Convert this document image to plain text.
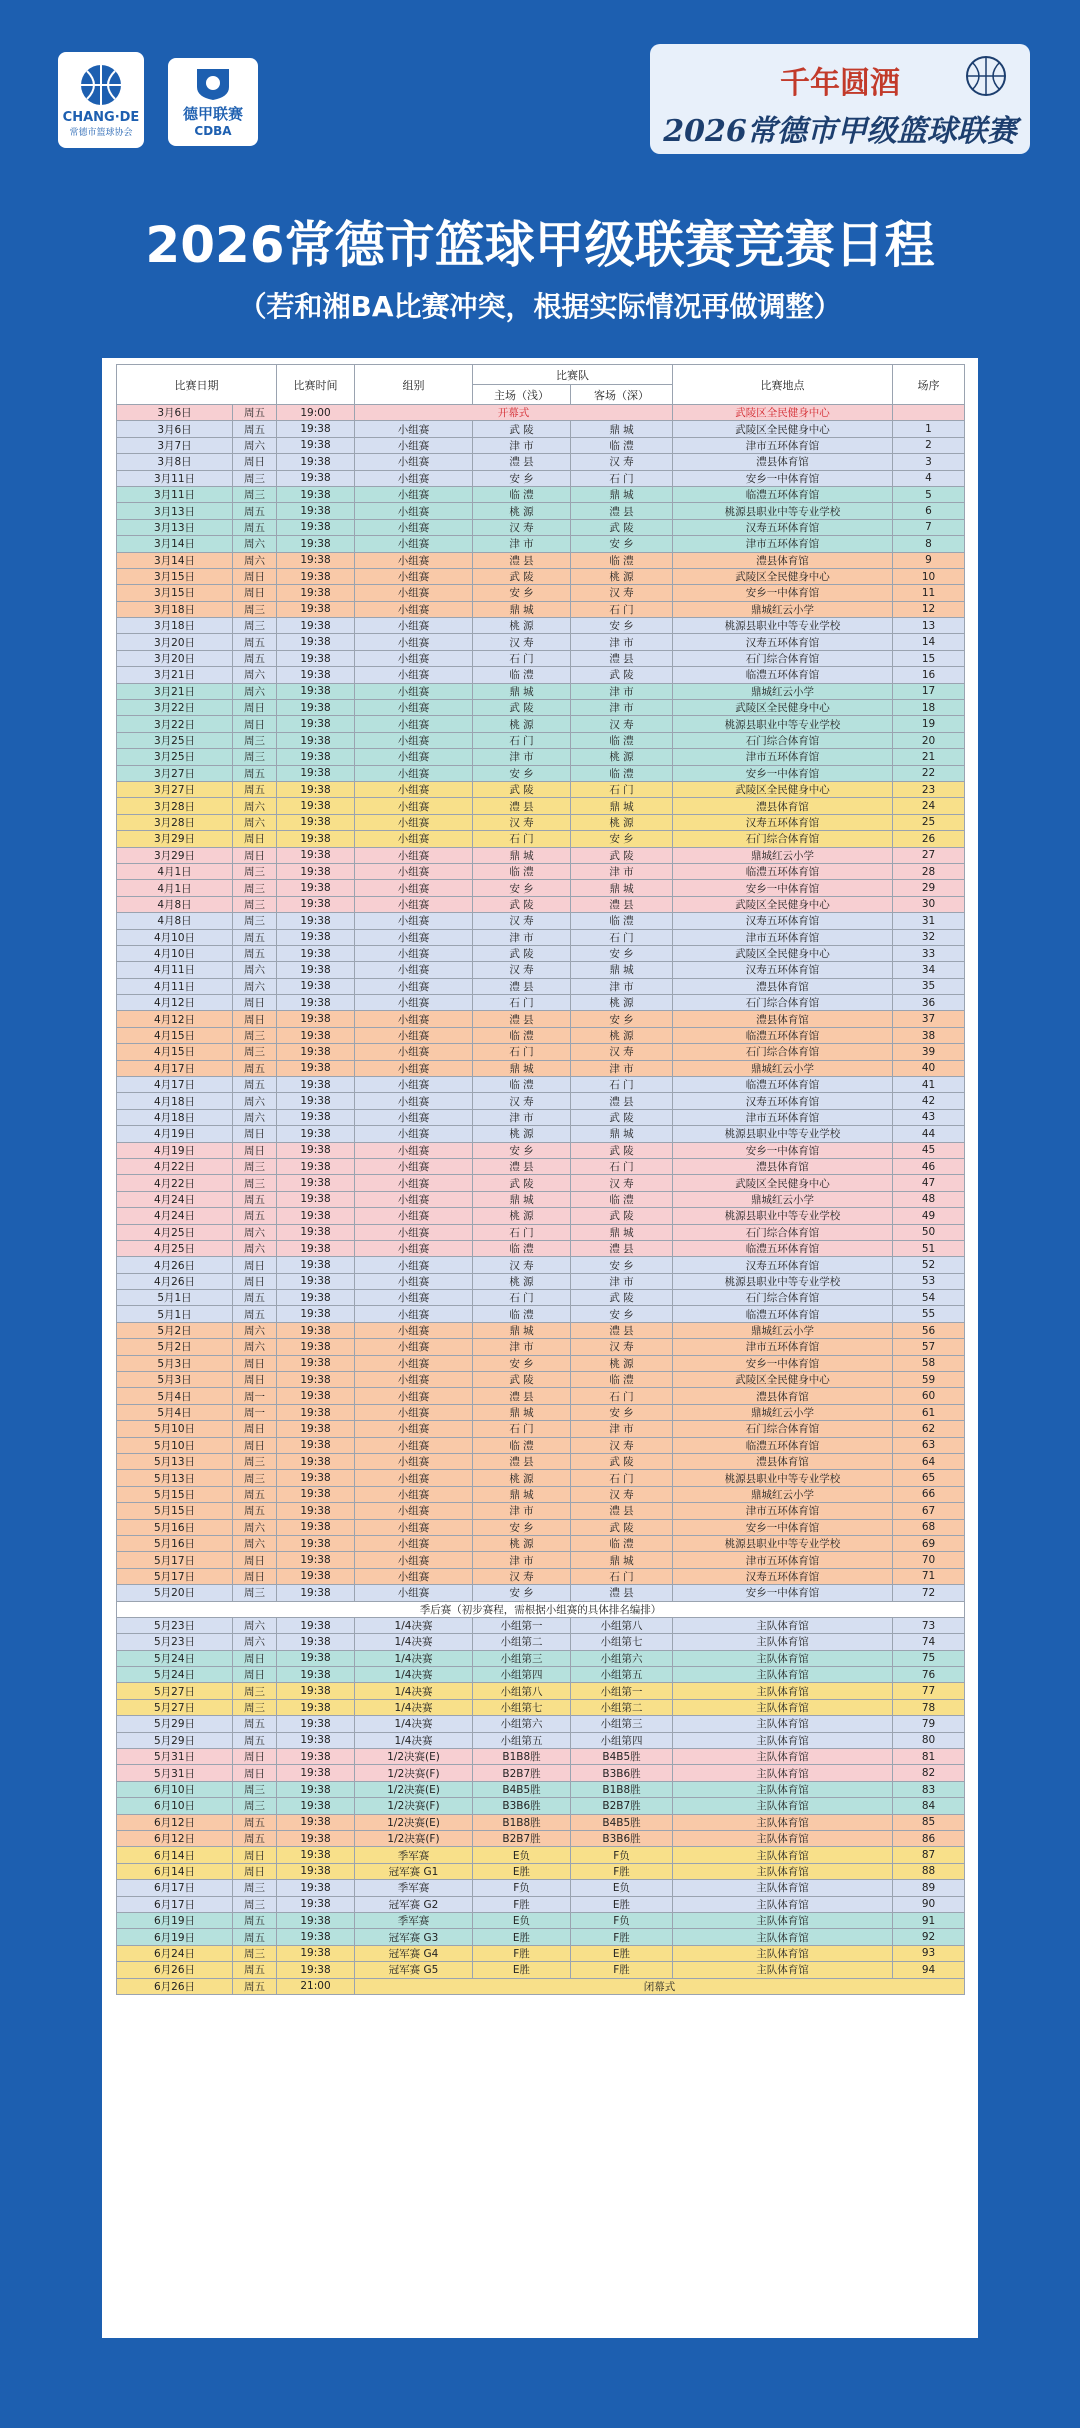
CHANG·DE
常德市篮球协会
德甲联赛
CDBA
千年圆酒
2026常德市甲级篮球联赛
2026常德市篮球甲级联赛竞赛日程
（若和湘BA比赛冲突，根据实际情况再做调整）
比赛日期		比赛时间	组别	比赛队		比赛地点	场序
				主场（浅）	客场（深）		
3月6日	周五	19:00	开幕式			武陵区全民健身中心	
3月6日	周五	19:38	小组赛	武 陵	鼎 城	武陵区全民健身中心	1
3月7日	周六	19:38	小组赛	津 市	临 澧	津市五环体育馆	2
3月8日	周日	19:38	小组赛	澧 县	汉 寿	澧县体育馆	3
3月11日	周三	19:38	小组赛	安 乡	石 门	安乡一中体育馆	4
3月11日	周三	19:38	小组赛	临 澧	鼎 城	临澧五环体育馆	5
3月13日	周五	19:38	小组赛	桃 源	澧 县	桃源县职业中等专业学校	6
3月13日	周五	19:38	小组赛	汉 寿	武 陵	汉寿五环体育馆	7
3月14日	周六	19:38	小组赛	津 市	安 乡	津市五环体育馆	8
3月14日	周六	19:38	小组赛	澧 县	临 澧	澧县体育馆	9
3月15日	周日	19:38	小组赛	武 陵	桃 源	武陵区全民健身中心	10
3月15日	周日	19:38	小组赛	安 乡	汉 寿	安乡一中体育馆	11
3月18日	周三	19:38	小组赛	鼎 城	石 门	鼎城红云小学	12
3月18日	周三	19:38	小组赛	桃 源	安 乡	桃源县职业中等专业学校	13
3月20日	周五	19:38	小组赛	汉 寿	津 市	汉寿五环体育馆	14
3月20日	周五	19:38	小组赛	石 门	澧 县	石门综合体育馆	15
3月21日	周六	19:38	小组赛	临 澧	武 陵	临澧五环体育馆	16
3月21日	周六	19:38	小组赛	鼎 城	津 市	鼎城红云小学	17
3月22日	周日	19:38	小组赛	武 陵	津 市	武陵区全民健身中心	18
3月22日	周日	19:38	小组赛	桃 源	汉 寿	桃源县职业中等专业学校	19
3月25日	周三	19:38	小组赛	石 门	临 澧	石门综合体育馆	20
3月25日	周三	19:38	小组赛	津 市	桃 源	津市五环体育馆	21
3月27日	周五	19:38	小组赛	安 乡	临 澧	安乡一中体育馆	22
3月27日	周五	19:38	小组赛	武 陵	石 门	武陵区全民健身中心	23
3月28日	周六	19:38	小组赛	澧 县	鼎 城	澧县体育馆	24
3月28日	周六	19:38	小组赛	汉 寿	桃 源	汉寿五环体育馆	25
3月29日	周日	19:38	小组赛	石 门	安 乡	石门综合体育馆	26
3月29日	周日	19:38	小组赛	鼎 城	武 陵	鼎城红云小学	27
4月1日	周三	19:38	小组赛	临 澧	津 市	临澧五环体育馆	28
4月1日	周三	19:38	小组赛	安 乡	鼎 城	安乡一中体育馆	29
4月8日	周三	19:38	小组赛	武 陵	澧 县	武陵区全民健身中心	30
4月8日	周三	19:38	小组赛	汉 寿	临 澧	汉寿五环体育馆	31
4月10日	周五	19:38	小组赛	津 市	石 门	津市五环体育馆	32
4月10日	周五	19:38	小组赛	武 陵	安 乡	武陵区全民健身中心	33
4月11日	周六	19:38	小组赛	汉 寿	鼎 城	汉寿五环体育馆	34
4月11日	周六	19:38	小组赛	澧 县	津 市	澧县体育馆	35
4月12日	周日	19:38	小组赛	石 门	桃 源	石门综合体育馆	36
4月12日	周日	19:38	小组赛	澧 县	安 乡	澧县体育馆	37
4月15日	周三	19:38	小组赛	临 澧	桃 源	临澧五环体育馆	38
4月15日	周三	19:38	小组赛	石 门	汉 寿	石门综合体育馆	39
4月17日	周五	19:38	小组赛	鼎 城	津 市	鼎城红云小学	40
4月17日	周五	19:38	小组赛	临 澧	石 门	临澧五环体育馆	41
4月18日	周六	19:38	小组赛	汉 寿	澧 县	汉寿五环体育馆	42
4月18日	周六	19:38	小组赛	津 市	武 陵	津市五环体育馆	43
4月19日	周日	19:38	小组赛	桃 源	鼎 城	桃源县职业中等专业学校	44
4月19日	周日	19:38	小组赛	安 乡	武 陵	安乡一中体育馆	45
4月22日	周三	19:38	小组赛	澧 县	石 门	澧县体育馆	46
4月22日	周三	19:38	小组赛	武 陵	汉 寿	武陵区全民健身中心	47
4月24日	周五	19:38	小组赛	鼎 城	临 澧	鼎城红云小学	48
4月24日	周五	19:38	小组赛	桃 源	武 陵	桃源县职业中等专业学校	49
4月25日	周六	19:38	小组赛	石 门	鼎 城	石门综合体育馆	50
4月25日	周六	19:38	小组赛	临 澧	澧 县	临澧五环体育馆	51
4月26日	周日	19:38	小组赛	汉 寿	安 乡	汉寿五环体育馆	52
4月26日	周日	19:38	小组赛	桃 源	津 市	桃源县职业中等专业学校	53
5月1日	周五	19:38	小组赛	石 门	武 陵	石门综合体育馆	54
5月1日	周五	19:38	小组赛	临 澧	安 乡	临澧五环体育馆	55
5月2日	周六	19:38	小组赛	鼎 城	澧 县	鼎城红云小学	56
5月2日	周六	19:38	小组赛	津 市	汉 寿	津市五环体育馆	57
5月3日	周日	19:38	小组赛	安 乡	桃 源	安乡一中体育馆	58
5月3日	周日	19:38	小组赛	武 陵	临 澧	武陵区全民健身中心	59
5月4日	周一	19:38	小组赛	澧 县	石 门	澧县体育馆	60
5月4日	周一	19:38	小组赛	鼎 城	安 乡	鼎城红云小学	61
5月10日	周日	19:38	小组赛	石 门	津 市	石门综合体育馆	62
5月10日	周日	19:38	小组赛	临 澧	汉 寿	临澧五环体育馆	63
5月13日	周三	19:38	小组赛	澧 县	武 陵	澧县体育馆	64
5月13日	周三	19:38	小组赛	桃 源	石 门	桃源县职业中等专业学校	65
5月15日	周五	19:38	小组赛	鼎 城	汉 寿	鼎城红云小学	66
5月15日	周五	19:38	小组赛	津 市	澧 县	津市五环体育馆	67
5月16日	周六	19:38	小组赛	安 乡	武 陵	安乡一中体育馆	68
5月16日	周六	19:38	小组赛	桃 源	临 澧	桃源县职业中等专业学校	69
5月17日	周日	19:38	小组赛	津 市	鼎 城	津市五环体育馆	70
5月17日	周日	19:38	小组赛	汉 寿	石 门	汉寿五环体育馆	71
5月20日	周三	19:38	小组赛	安 乡	澧 县	安乡一中体育馆	72
季后赛（初步赛程，需根据小组赛的具体排名编排）							
5月23日	周六	19:38	1/4决赛	小组第一	小组第八	主队体育馆	73
5月23日	周六	19:38	1/4决赛	小组第二	小组第七	主队体育馆	74
5月24日	周日	19:38	1/4决赛	小组第三	小组第六	主队体育馆	75
5月24日	周日	19:38	1/4决赛	小组第四	小组第五	主队体育馆	76
5月27日	周三	19:38	1/4决赛	小组第八	小组第一	主队体育馆	77
5月27日	周三	19:38	1/4决赛	小组第七	小组第二	主队体育馆	78
5月29日	周五	19:38	1/4决赛	小组第六	小组第三	主队体育馆	79
5月29日	周五	19:38	1/4决赛	小组第五	小组第四	主队体育馆	80
5月31日	周日	19:38	1/2决赛(E)	B1B8胜	B4B5胜	主队体育馆	81
5月31日	周日	19:38	1/2决赛(F)	B2B7胜	B3B6胜	主队体育馆	82
6月10日	周三	19:38	1/2决赛(E)	B4B5胜	B1B8胜	主队体育馆	83
6月10日	周三	19:38	1/2决赛(F)	B3B6胜	B2B7胜	主队体育馆	84
6月12日	周五	19:38	1/2决赛(E)	B1B8胜	B4B5胜	主队体育馆	85
6月12日	周五	19:38	1/2决赛(F)	B2B7胜	B3B6胜	主队体育馆	86
6月14日	周日	19:38	季军赛	E负	F负	主队体育馆	87
6月14日	周日	19:38	冠军赛 G1	E胜	F胜	主队体育馆	88
6月17日	周三	19:38	季军赛	F负	E负	主队体育馆	89
6月17日	周三	19:38	冠军赛 G2	F胜	E胜	主队体育馆	90
6月19日	周五	19:38	季军赛	E负	F负	主队体育馆	91
6月19日	周五	19:38	冠军赛 G3	E胜	F胜	主队体育馆	92
6月24日	周三	19:38	冠军赛 G4	F胜	E胜	主队体育馆	93
6月26日	周五	19:38	冠军赛 G5	E胜	F胜	主队体育馆	94
6月26日	周五	21:00	闭幕式				
